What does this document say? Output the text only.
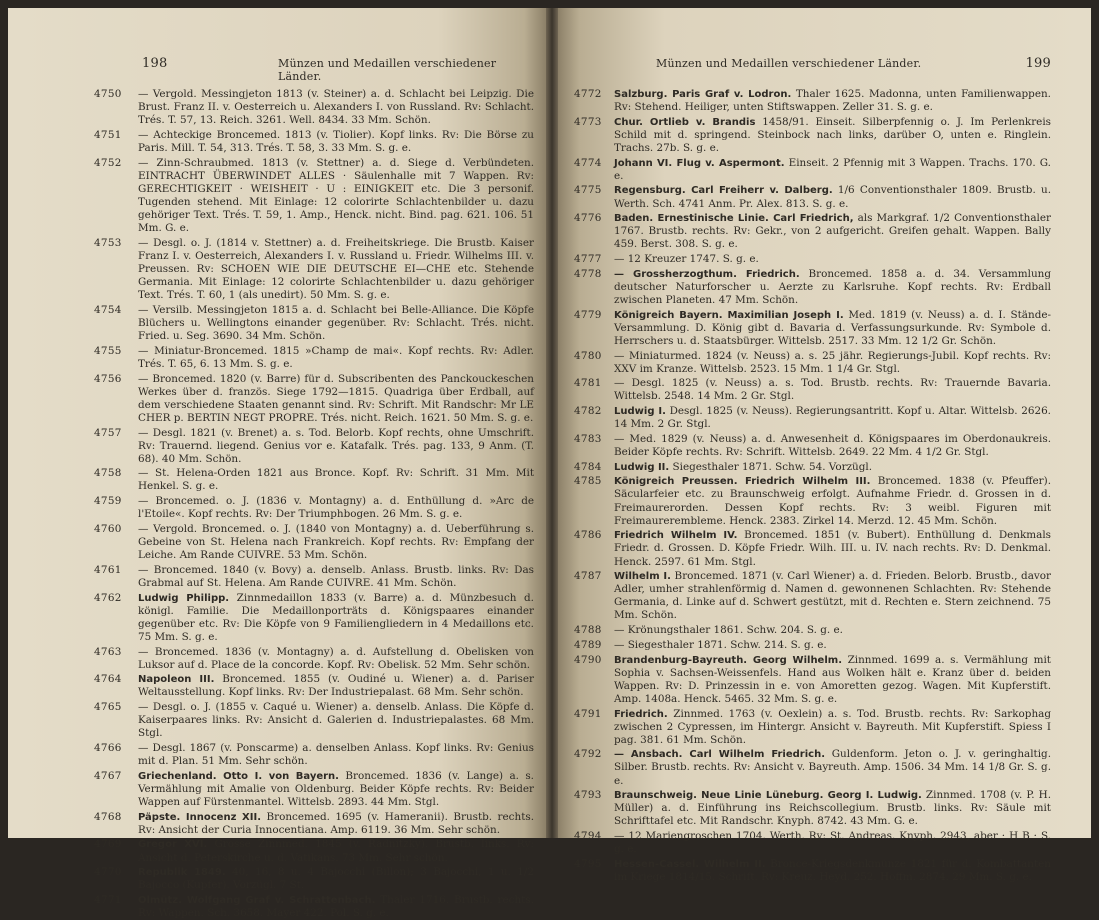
198	Münzen und Medaillen verschiedener Länder.

4750	— Vergold. Messingjeton 1813 (v. Steiner) a. d. Schlacht bei Leipzig. Die Brust. Franz II. v. Oesterreich u. Alexanders I. von Russland. Rv: Schlacht. Trés. T. 57, 13. Reich. 3261. Well. 8434. 33 Mm. Schön.

4751	— Achteckige Broncemed. 1813 (v. Tiolier). Kopf links. Rv: Die Börse zu Paris. Mill. T. 54, 313. Trés. T. 58, 3. 33 Mm. S. g. e.

4752	— Zinn-Schraubmed. 1813 (v. Stettner) a. d. Siege d. Verbündeten. EINTRACHT ÜBERWINDET ALLES · Säulenhalle mit 7 Wappen. Rv: GERECHTIGKEIT · WEISHEIT · U : EINIGKEIT etc. Die 3 personif. Tugenden stehend. Mit Einlage: 12 colorirte Schlachtenbilder u. dazu gehöriger Text. Trés. T. 59, 1. Amp., Henck. nicht. Bind. pag. 621. 106. 51 Mm. G. e.

4753	— Desgl. o. J. (1814 v. Stettner) a. d. Freiheitskriege. Die Brustb. Kaiser Franz I. v. Oesterreich, Alexanders I. v. Russland u. Friedr. Wilhelms III. v. Preussen. Rv: SCHOEN WIE DIE DEUTSCHE EI—CHE etc. Stehende Germania. Mit Einlage: 12 colorirte Schlachtenbilder u. dazu gehöriger Text. Trés. T. 60, 1 (als unedirt). 50 Mm. S. g. e.

4754	— Versilb. Messingjeton 1815 a. d. Schlacht bei Belle-Alliance. Die Köpfe Blüchers u. Wellingtons einander gegenüber. Rv: Schlacht. Trés. nicht. Fried. u. Seg. 3690. 34 Mm. Schön.

4755	— Miniatur-Broncemed. 1815 »Champ de mai«. Kopf rechts. Rv: Adler. Trés. T. 65, 6. 13 Mm. S. g. e.

4756	— Broncemed. 1820 (v. Barre) für d. Subscribenten des Panckouckeschen Werkes über d. französ. Siege 1792—1815. Quadriga über Erdball, auf dem verschiedene Staaten genannt sind. Rv: Schrift. Mit Randschr: Mr LE CHER p. BERTIN NEGT PROPRE. Trés. nicht. Reich. 1621. 50 Mm. S. g. e.

4757	— Desgl. 1821 (v. Brenet) a. s. Tod. Belorb. Kopf rechts, ohne Umschrift. Rv: Trauernd. liegend. Genius vor e. Katafalk. Trés. pag. 133, 9 Anm. (T. 68). 40 Mm. Schön.

4758	— St. Helena-Orden 1821 aus Bronce. Kopf. Rv: Schrift. 31 Mm. Mit Henkel. S. g. e.

4759	— Broncemed. o. J. (1836 v. Montagny) a. d. Enthüllung d. »Arc de l'Etoile«. Kopf rechts. Rv: Der Triumphbogen. 26 Mm. S. g. e.

4760	— Vergold. Broncemed. o. J. (1840 von Montagny) a. d. Ueberführung s. Gebeine von St. Helena nach Frankreich. Kopf rechts. Rv: Empfang der Leiche. Am Rande CUIVRE. 53 Mm. Schön.

4761	— Broncemed. 1840 (v. Bovy) a. denselb. Anlass. Brustb. links. Rv: Das Grabmal auf St. Helena. Am Rande CUIVRE. 41 Mm. Schön.

4762	Ludwig Philipp. Zinnmedaillon 1833 (v. Barre) a. d. Münzbesuch d. königl. Familie. Die Medaillonporträts d. Königspaares einander gegenüber etc. Rv: Die Köpfe von 9 Familiengliedern in 4 Medaillons etc. 75 Mm. S. g. e.

4763	— Broncemed. 1836 (v. Montagny) a. d. Aufstellung d. Obelisken von Luksor auf d. Place de la concorde. Kopf. Rv: Obelisk. 52 Mm. Sehr schön.

4764	Napoleon III. Broncemed. 1855 (v. Oudiné u. Wiener) a. d. Pariser Weltausstellung. Kopf links. Rv: Der Industriepalast. 68 Mm. Sehr schön.

4765	— Desgl. o. J. (1855 v. Caqué u. Wiener) a. denselb. Anlass. Die Köpfe d. Kaiserpaares links. Rv: Ansicht d. Galerien d. Industriepalastes. 68 Mm. Stgl.

4766	— Desgl. 1867 (v. Ponscarme) a. denselben Anlass. Kopf links. Rv: Genius mit d. Plan. 51 Mm. Sehr schön.

4767	Griechenland. Otto I. von Bayern. Broncemed. 1836 (v. Lange) a. s. Vermählung mit Amalie von Oldenburg. Beider Köpfe rechts. Rv: Beider Wappen auf Fürstenmantel. Wittelsb. 2893. 44 Mm. Stgl.

4768	Päpste. Innocenz XII. Broncemed. 1695 (v. Hameranii). Brustb. rechts. Rv: Ansicht der Curia Innocentiana. Amp. 6119. 36 Mm. Sehr schön.

4769	Gregor XVI. Grosse Zinnmed. 1845 (v. Radnitzky). Brustb. links. Rv: Ansicht d. Peterskirche u. d. Vatikans. 73 Mm. Sehr schön.

4770	Republik 1849. 40, 16, 8 u. 4 Bajocchi (Billon); 3 Bajocchi, 1 u. 1/2 Bajocco (Kupfer). Vorzügl. 7 St.

4771	Olmütz. Wolfgang Graf v. Schrattenbach. Thaler 1716. Brustb. rechts. Rv: Wappen. Sch. 3658. Mayer 422. Pol. S. g. e.

Münzen und Medaillen verschiedener Länder.	199

4772	Salzburg. Paris Graf v. Lodron. Thaler 1625. Madonna, unten Familienwappen. Rv: Stehend. Heiliger, unten Stiftswappen. Zeller 31. S. g. e.

4773	Chur. Ortlieb v. Brandis 1458/91. Einseit. Silberpfennig o. J. Im Perlenkreis Schild mit d. springend. Steinbock nach links, darüber O, unten e. Ringlein. Trachs. 27b. S. g. e.

4774	Johann VI. Flug v. Aspermont. Einseit. 2 Pfennig mit 3 Wappen. Trachs. 170. G. e.

4775	Regensburg. Carl Freiherr v. Dalberg. 1/6 Conventionsthaler 1809. Brustb. u. Werth. Sch. 4741 Anm. Pr. Alex. 813. S. g. e.

4776	Baden. Ernestinische Linie. Carl Friedrich, als Markgraf. 1/2 Conventionsthaler 1767. Brustb. rechts. Rv: Gekr., von 2 aufgericht. Greifen gehalt. Wappen. Bally 459. Berst. 308. S. g. e.

4777	— 12 Kreuzer 1747. S. g. e.

4778	— Grossherzogthum. Friedrich. Broncemed. 1858 a. d. 34. Versammlung deutscher Naturforscher u. Aerzte zu Karlsruhe. Kopf rechts. Rv: Erdball zwischen Planeten. 47 Mm. Schön.

4779	Königreich Bayern. Maximilian Joseph I. Med. 1819 (v. Neuss) a. d. I. Stände-Versammlung. D. König gibt d. Bavaria d. Verfassungsurkunde. Rv: Symbole d. Herrschers u. d. Staatsbürger. Wittelsb. 2517. 33 Mm. 12 1/2 Gr. Schön.

4780	— Miniaturmed. 1824 (v. Neuss) a. s. 25 jähr. Regierungs-Jubil. Kopf rechts. Rv: XXV im Kranze. Wittelsb. 2523. 15 Mm. 1 1/4 Gr. Stgl.

4781	— Desgl. 1825 (v. Neuss) a. s. Tod. Brustb. rechts. Rv: Trauernde Bavaria. Wittelsb. 2548. 14 Mm. 2 Gr. Stgl.

4782	Ludwig I. Desgl. 1825 (v. Neuss). Regierungsantritt. Kopf u. Altar. Wittelsb. 2626. 14 Mm. 2 Gr. Stgl.

4783	— Med. 1829 (v. Neuss) a. d. Anwesenheit d. Königspaares im Oberdonaukreis. Beider Köpfe rechts. Rv: Schrift. Wittelsb. 2649. 22 Mm. 4 1/2 Gr. Stgl.

4784	Ludwig II. Siegesthaler 1871. Schw. 54. Vorzügl.

4785	Königreich Preussen. Friedrich Wilhelm III. Broncemed. 1838 (v. Pfeuffer). Säcularfeier etc. zu Braunschweig erfolgt. Aufnahme Friedr. d. Grossen in d. Freimaurerorden. Dessen Kopf rechts. Rv: 3 weibl. Figuren mit Freimaurerembleme. Henck. 2383. Zirkel 14. Merzd. 12. 45 Mm. Schön.

4786	Friedrich Wilhelm IV. Broncemed. 1851 (v. Bubert). Enthüllung d. Denkmals Friedr. d. Grossen. D. Köpfe Friedr. Wilh. III. u. IV. nach rechts. Rv: D. Denkmal. Henck. 2597. 61 Mm. Stgl.

4787	Wilhelm I. Broncemed. 1871 (v. Carl Wiener) a. d. Frieden. Belorb. Brustb., davor Adler, umher strahlenförmig d. Namen d. gewonnenen Schlachten. Rv: Stehende Germania, d. Linke auf d. Schwert gestützt, mit d. Rechten e. Stern zeichnend. 75 Mm. Schön.

4788	— Krönungsthaler 1861. Schw. 204. S. g. e.

4789	— Siegesthaler 1871. Schw. 214. S. g. e.

4790	Brandenburg-Bayreuth. Georg Wilhelm. Zinnmed. 1699 a. s. Vermählung mit Sophia v. Sachsen-Weissenfels. Hand aus Wolken hält e. Kranz über d. beiden Wappen. Rv: D. Prinzessin in e. von Amoretten gezog. Wagen. Mit Kupferstift. Amp. 1408a. Henck. 5465. 32 Mm. S. g. e.

4791	Friedrich. Zinnmed. 1763 (v. Oexlein) a. s. Tod. Brustb. rechts. Rv: Sarkophag zwischen 2 Cypressen, im Hintergr. Ansicht v. Bayreuth. Mit Kupferstift. Spiess I pag. 381. 61 Mm. Schön.

4792	— Ansbach. Carl Wilhelm Friedrich. Guldenform. Jeton o. J. v. geringhaltig. Silber. Brustb. rechts. Rv: Ansicht v. Bayreuth. Amp. 1506. 34 Mm. 14 1/8 Gr. S. g. e.

4793	Braunschweig. Neue Linie Lüneburg. Georg I. Ludwig. Zinnmed. 1708 (v. P. H. Müller) a. d. Einführung ins Reichscollegium. Brustb. links. Rv: Säule mit Schrifttafel etc. Mit Randschr. Knyph. 8742. 43 Mm. G. e.

4794	— 12 Mariengroschen 1704. Werth. Rv: St. Andreas. Knyph. 2943, aber · H B · S. g. e.

4795	Hessen-Cassel. Wilhelm II. Bronce-Kriegsdenkmünze 1821 für d. Kombattanten im Kriege 1814/15. Schrift. Rv: Kreuz. Heyd. 252. Hoffm. 2874. 29 Mm. S. g. e.
